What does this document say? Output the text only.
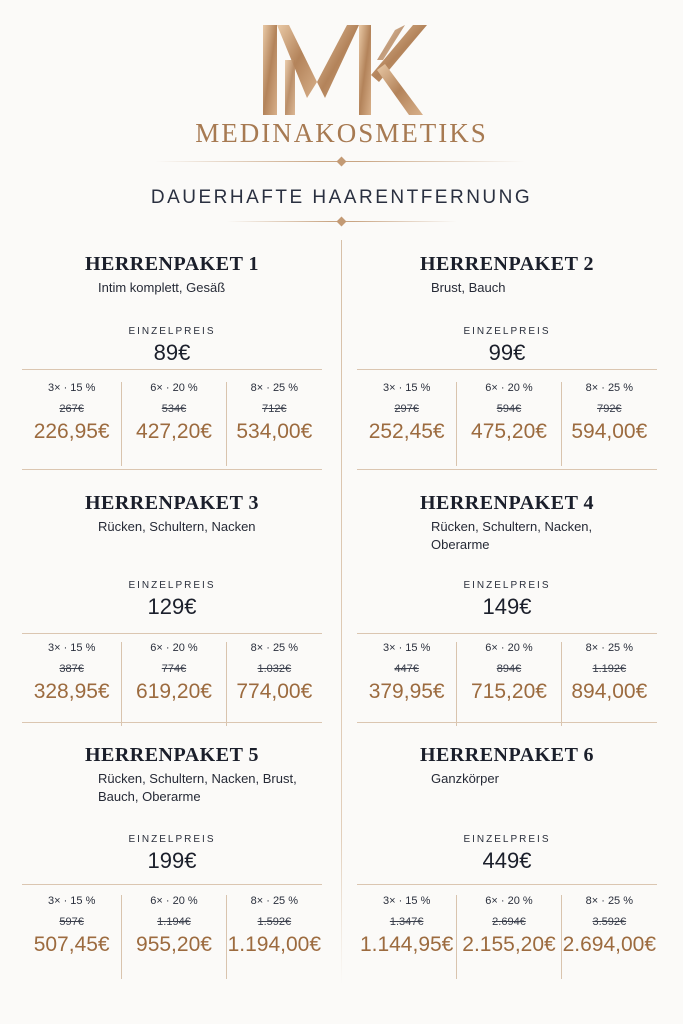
MEDINAKOSMETIKS
DAUERHAFTE HAARENTFERNUNG
HERRENPAKET 1
Intim komplett, Gesäß
EINZELPREIS
89€
3× · 15 %
267€
226,95€
6× · 20 %
534€
427,20€
8× · 25 %
712€
534,00€
HERRENPAKET 2
Brust, Bauch
EINZELPREIS
99€
3× · 15 %
297€
252,45€
6× · 20 %
594€
475,20€
8× · 25 %
792€
594,00€
HERRENPAKET 3
Rücken, Schultern, Nacken
EINZELPREIS
129€
3× · 15 %
387€
328,95€
6× · 20 %
774€
619,20€
8× · 25 %
1.032€
774,00€
HERRENPAKET 4
Rücken, Schultern, Nacken, Oberarme
EINZELPREIS
149€
3× · 15 %
447€
379,95€
6× · 20 %
894€
715,20€
8× · 25 %
1.192€
894,00€
HERRENPAKET 5
Rücken, Schultern, Nacken, Brust, Bauch, Oberarme
EINZELPREIS
199€
3× · 15 %
597€
507,45€
6× · 20 %
1.194€
955,20€
8× · 25 %
1.592€
1.194,00€
HERRENPAKET 6
Ganzkörper
EINZELPREIS
449€
3× · 15 %
1.347€
1.144,95€
6× · 20 %
2.694€
2.155,20€
8× · 25 %
3.592€
2.694,00€
